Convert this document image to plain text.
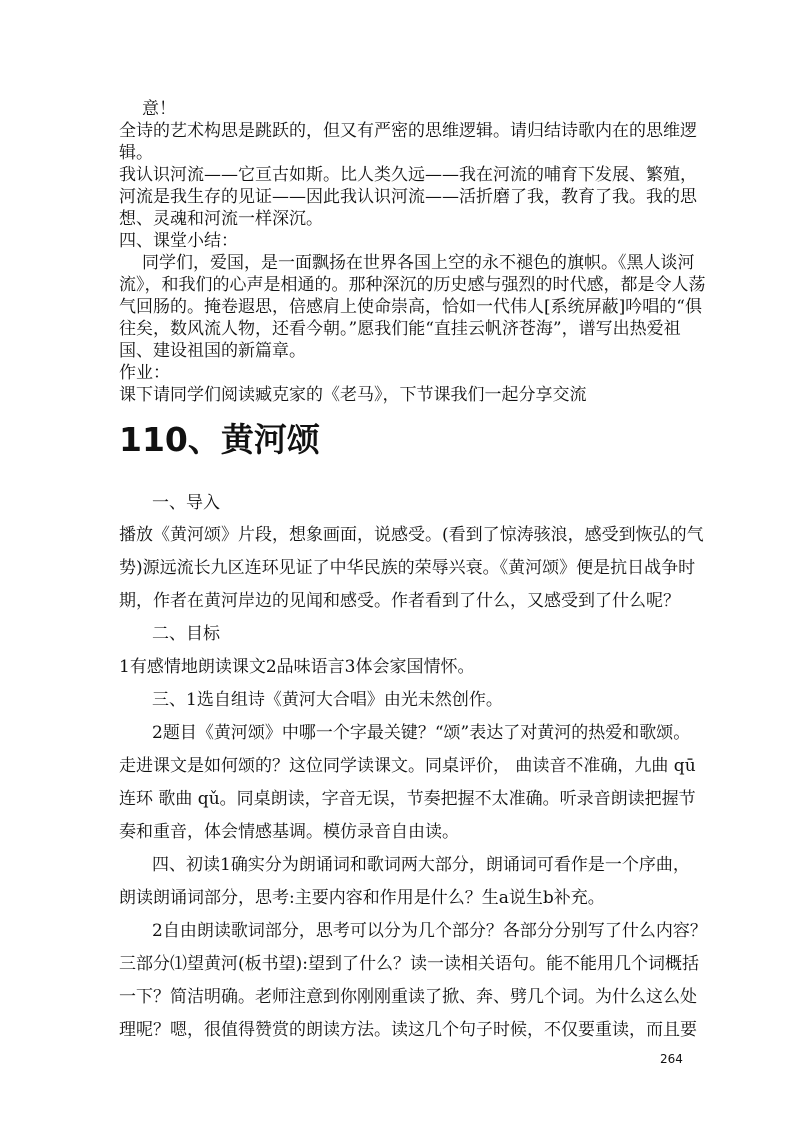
意！
全诗的艺术构思是跳跃的，但又有严密的思维逻辑。请归结诗歌内在的思维逻
辑。
我认识河流——它亘古如斯。比人类久远——我在河流的哺育下发展、繁殖，
河流是我生存的见证——因此我认识河流——活折磨了我，教育了我。我的思
想、灵魂和河流一样深沉。
四、课堂小结：
同学们，爱国，是一面飘扬在世界各国上空的永不褪色的旗帜。《黑人谈河
流》，和我们的心声是相通的。那种深沉的历史感与强烈的时代感，都是令人荡
气回肠的。掩卷遐思，倍感肩上使命崇高，恰如一代伟人[系统屏蔽]吟唱的“俱
往矣，数风流人物，还看今朝。”愿我们能“直挂云帆济苍海”，谱写出热爱祖
国、建设祖国的新篇章。
作业：
课下请同学们阅读臧克家的《老马》，下节课我们一起分享交流
110、黄河颂
一、导入
播放《黄河颂》片段，想象画面，说感受。(看到了惊涛骇浪，感受到恢弘的气
势)源远流长九区连环见证了中华民族的荣辱兴衰。《黄河颂》便是抗日战争时
期，作者在黄河岸边的见闻和感受。作者看到了什么，又感受到了什么呢？
二、目标
1有感情地朗读课文2品味语言3体会家国情怀。
三、1选自组诗《黄河大合唱》由光未然创作。
2题目《黄河颂》中哪一个字最关键？“颂”表达了对黄河的热爱和歌颂。
走进课文是如何颂的？这位同学读课文。同桌评价， 曲读音不准确，九曲 qū
连环 歌曲 qǔ。同桌朗读，字音无误，节奏把握不太准确。听录音朗读把握节
奏和重音，体会情感基调。模仿录音自由读。
四、初读1确实分为朗诵词和歌词两大部分，朗诵词可看作是一个序曲，
朗读朗诵词部分，思考:主要内容和作用是什么？生a说生b补充。
2自由朗读歌词部分，思考可以分为几个部分？各部分分别写了什么内容？
三部分⑴望黄河(板书望):望到了什么？读一读相关语句。能不能用几个词概括
一下？简洁明确。老师注意到你刚刚重读了掀、奔、劈几个词。为什么这么处
理呢？嗯，很值得赞赏的朗读方法。读这几个句子时候，不仅要重读，而且要
264
